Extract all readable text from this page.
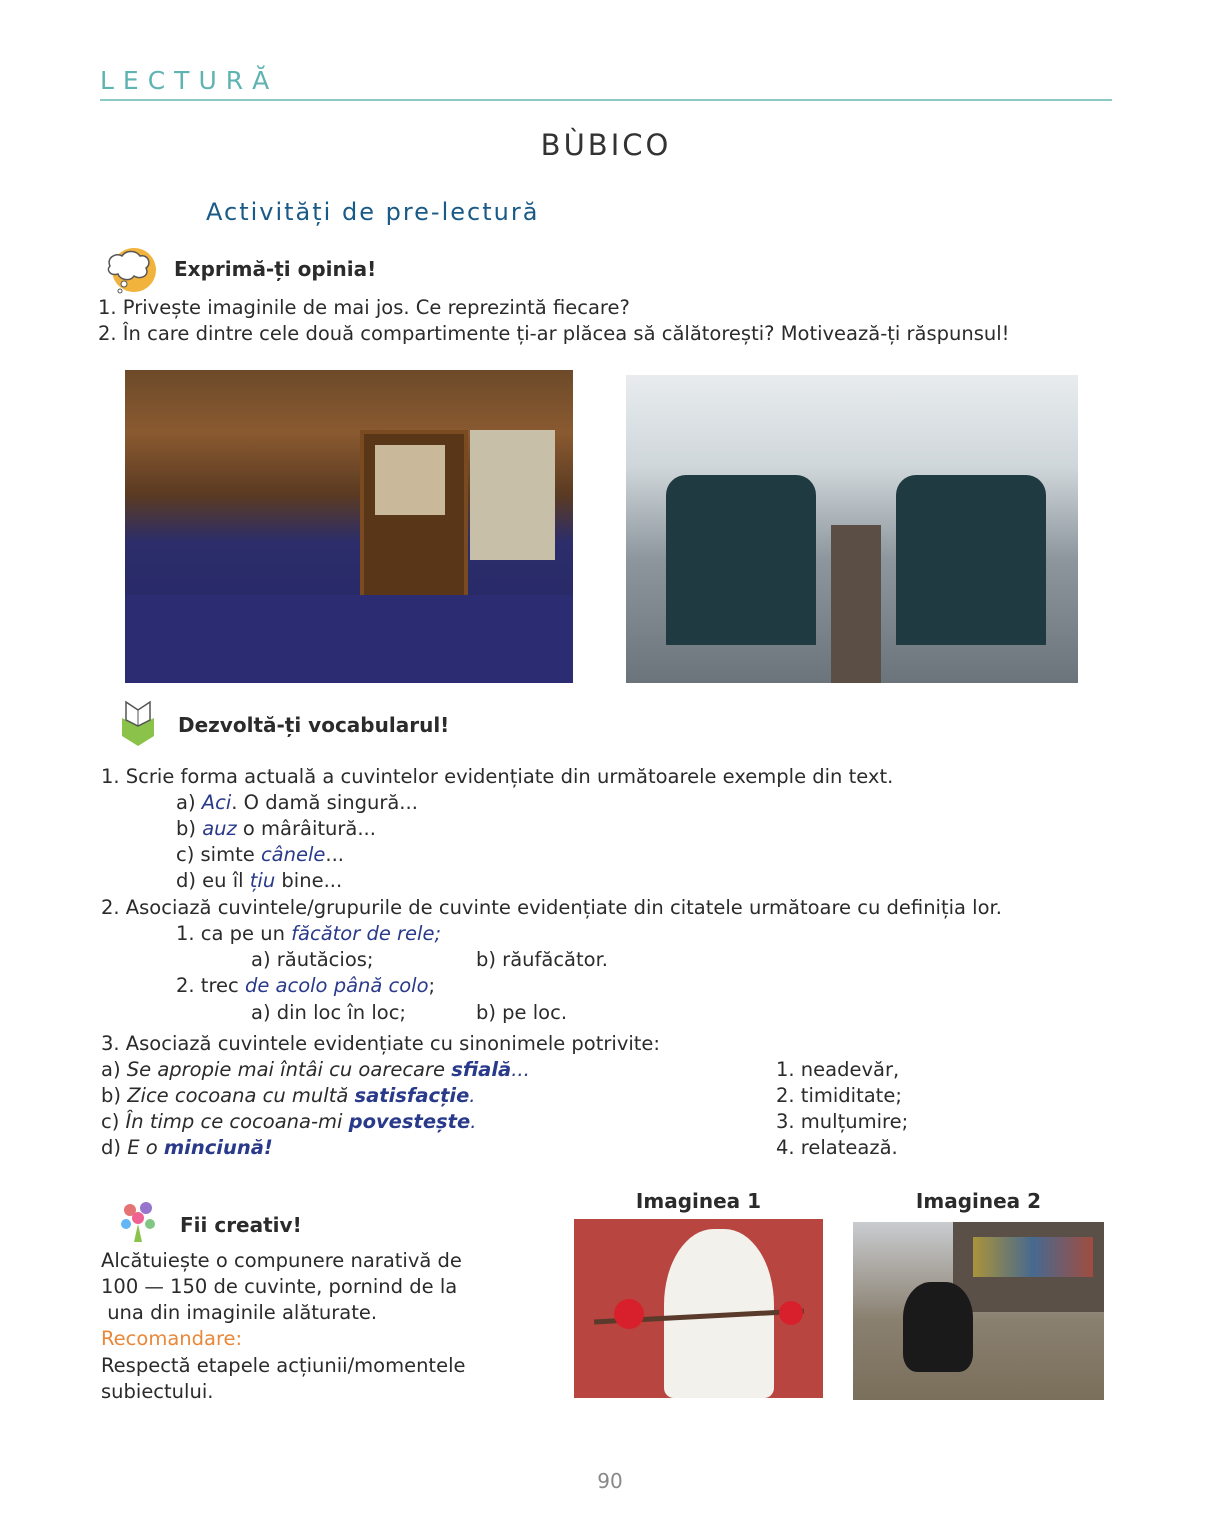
LECTURĂ
BÙBICO
Activități de pre-lectură
Exprimă-ți opinia!
1. Privește imaginile de mai jos. Ce reprezintă fiecare?
2. În care dintre cele două compartimente ți-ar plăcea să călătorești? Motivează-ți răspunsul!
Dezvoltă-ți vocabularul!
1. Scrie forma actuală a cuvintelor evidențiate din următoarele exemple din text.
a) Aci. O damă singură...
b) auz o mârâitură...
c) simte cânele...
d) eu îl țiu bine...
2. Asociază cuvintele/grupurile de cuvinte evidențiate din citatele următoare cu definiția lor.
1. ca pe un făcător de rele;
a) răutăcios;	b) răufăcător.
2. trec de acolo până colo;
a) din loc în loc;	b) pe loc.
3. Asociază cuvintele evidențiate cu sinonimele potrivite:
a) Se apropie mai întâi cu oarecare sfială...
b) Zice cocoana cu multă satisfacție.
c) În timp ce cocoana-mi povestește.
d) E o minciună!
1. neadevăr,
2. timiditate;
3. mulțumire;
4. relatează.
Fii creativ!
Alcătuiește o compunere narativă de
100 — 150 de cuvinte, pornind de la
una din imaginile alăturate.
Recomandare:
Respectă etapele acțiunii/momentele
subiectului.
Imaginea 1	Imaginea 2
90
